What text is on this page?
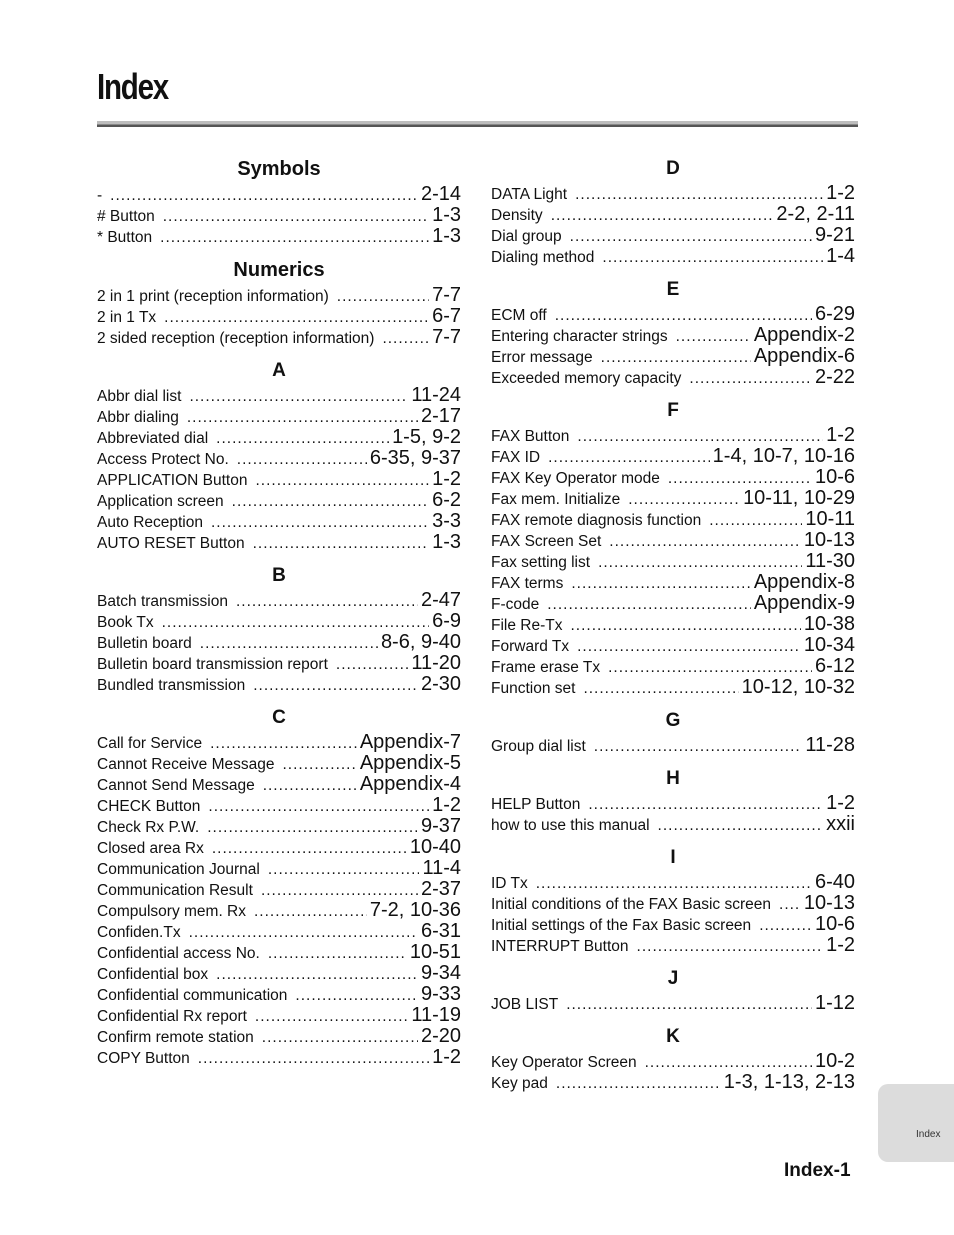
Index
Symbols
- .....	2-14
# Button .....	1-3
* Button .....	1-3
Numerics
2 in 1 print (reception information) .....	7-7
2 in 1 Tx .....	6-7
2 sided reception (reception information) .....	7-7
A
Abbr dial list .....	11-24
Abbr dialing .....	2-17
Abbreviated dial .....	1-5, 9-2
Access Protect No. .....	6-35, 9-37
APPLICATION Button .....	1-2
Application screen .....	6-2
Auto Reception .....	3-3
AUTO RESET Button .....	1-3
B
Batch transmission .....	2-47
Book Tx .....	6-9
Bulletin board .....	8-6, 9-40
Bulletin board transmission report .....	11-20
Bundled transmission .....	2-30
C
Call for Service .....	Appendix-7
Cannot Receive Message .....	Appendix-5
Cannot Send Message .....	Appendix-4
CHECK Button .....	1-2
Check Rx P.W. .....	9-37
Closed area Rx .....	10-40
Communication Journal .....	11-4
Communication Result .....	2-37
Compulsory mem. Rx .....	7-2, 10-36
Confiden.Tx .....	6-31
Confidential access No. .....	10-51
Confidential box .....	9-34
Confidential communication .....	9-33
Confidential Rx report .....	11-19
Confirm remote station .....	2-20
COPY Button .....	1-2
D
DATA Light .....	1-2
Density .....	2-2, 2-11
Dial group .....	9-21
Dialing method .....	1-4
E
ECM off .....	6-29
Entering character strings .....	Appendix-2
Error message .....	Appendix-6
Exceeded memory capacity .....	2-22
F
FAX Button .....	1-2
FAX ID .....	1-4, 10-7, 10-16
FAX Key Operator mode .....	10-6
Fax mem. Initialize .....	10-11, 10-29
FAX remote diagnosis function .....	10-11
FAX Screen Set .....	10-13
Fax setting list .....	11-30
FAX terms .....	Appendix-8
F-code .....	Appendix-9
File Re-Tx .....	10-38
Forward Tx .....	10-34
Frame erase Tx .....	6-12
Function set .....	10-12, 10-32
G
Group dial list .....	11-28
H
HELP Button .....	1-2
how to use this manual .....	xxii
I
ID Tx .....	6-40
Initial conditions of the FAX Basic screen ..... 10-13
Initial settings of the Fax Basic screen .....	10-6
INTERRUPT Button .....	1-2
J
JOB LIST .....	1-12
K
Key Operator Screen .....	10-2
Key pad .....	1-3, 1-13, 2-13
Index-1
Index
